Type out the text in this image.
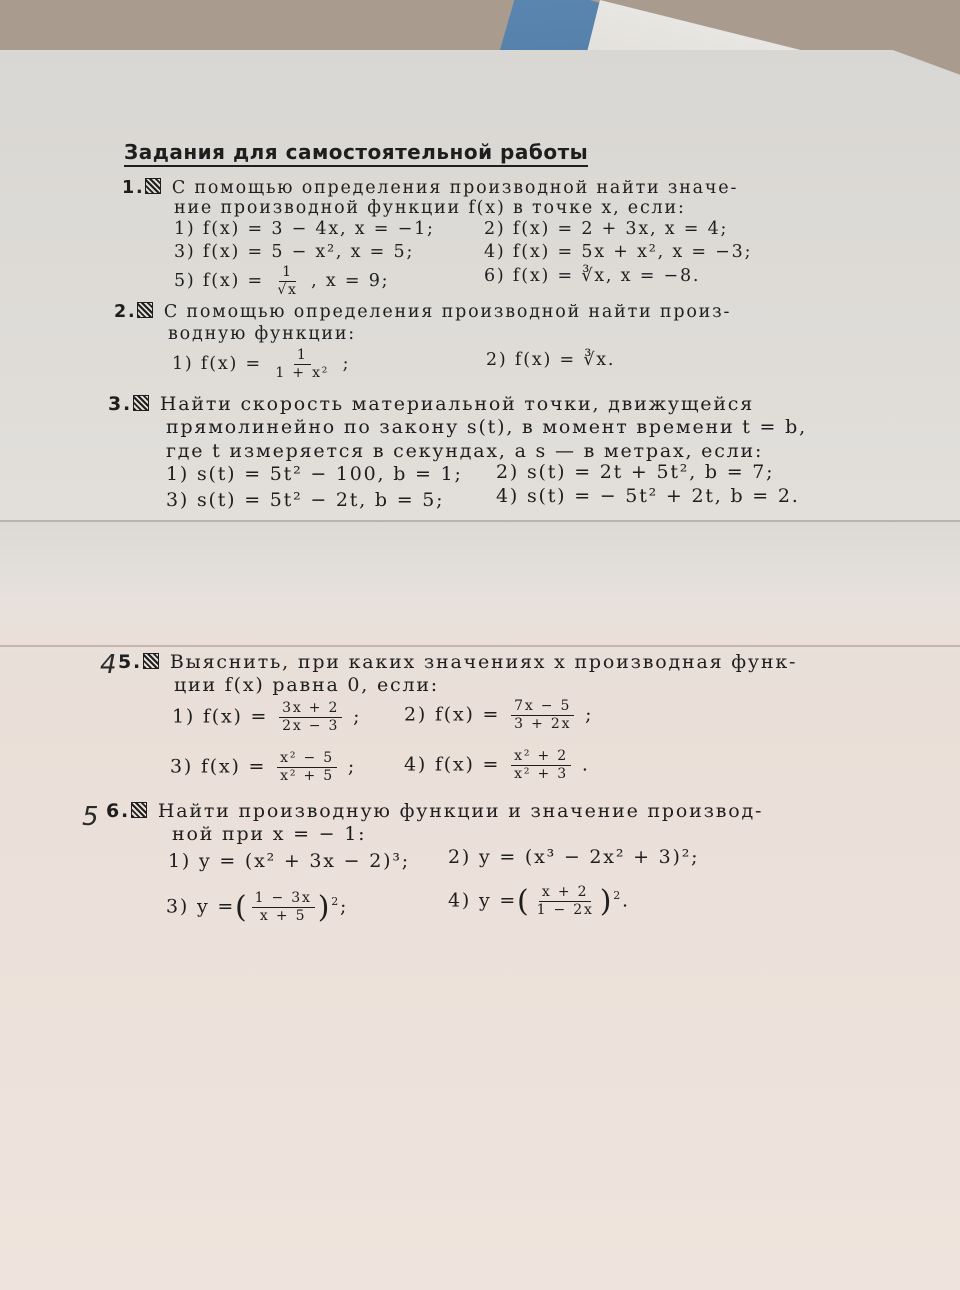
Задания для самостоятельной работы
1. С помощью определения производной найти значе-
ние производной функции f(x) в точке x, если:
1) f(x) = 3 − 4x, x = −1;	2) f(x) = 2 + 3x, x = 4;
3) f(x) = 5 − x², x = 5;	4) f(x) = 5x + x², x = −3;
5) $f(x) = \frac{1}{√x}$ , x = 9;	6) f(x) = ∛x, x = −8.
2. С помощью определения производной найти произ-
водную функции:
1) $f(x) = \frac{1}{\text{1 + x²}}$ ;	2) f(x) = ∛x.
3. Найти скорость материальной точки, движущейся
прямолинейно по закону s(t), в момент времени t = b,
где t измеряется в секундах, а s — в метрах, если:
1) s(t) = 5t² − 100, b = 1; 2) s(t) = 2t + 5t², b = 7;
3) s(t) = 5t² − 2t, b = 5;	4) s(t) = − 5t² + 2t, b = 2.
4 5. Выяснить, при каких значениях x производная функ-
ции f(x) равна 0, если:
1) $f(x) = \frac{3x + 2}{2x - 3}$ ; 2) $f(x) = \frac{7x - 5}{3 + 2x}$ ;
3) $f(x) = \frac{\text{x² − 5}}{\text{x² + 5}}$ ;	4) $f(x) = \frac{\text{x² + 2}}{\text{x² + 3}}$ .
5 6. Найти производную функции и значение производ-
ной при x = − 1:
1) y = (x² + 3x − 2)³; 2) y = (x³ − 2x² + 3)²;
3) y =( $\frac{1 - 3x}{x + 5} )^2$;	4) y =( $\frac{x + 2}{1 - 2x} )^2$.
